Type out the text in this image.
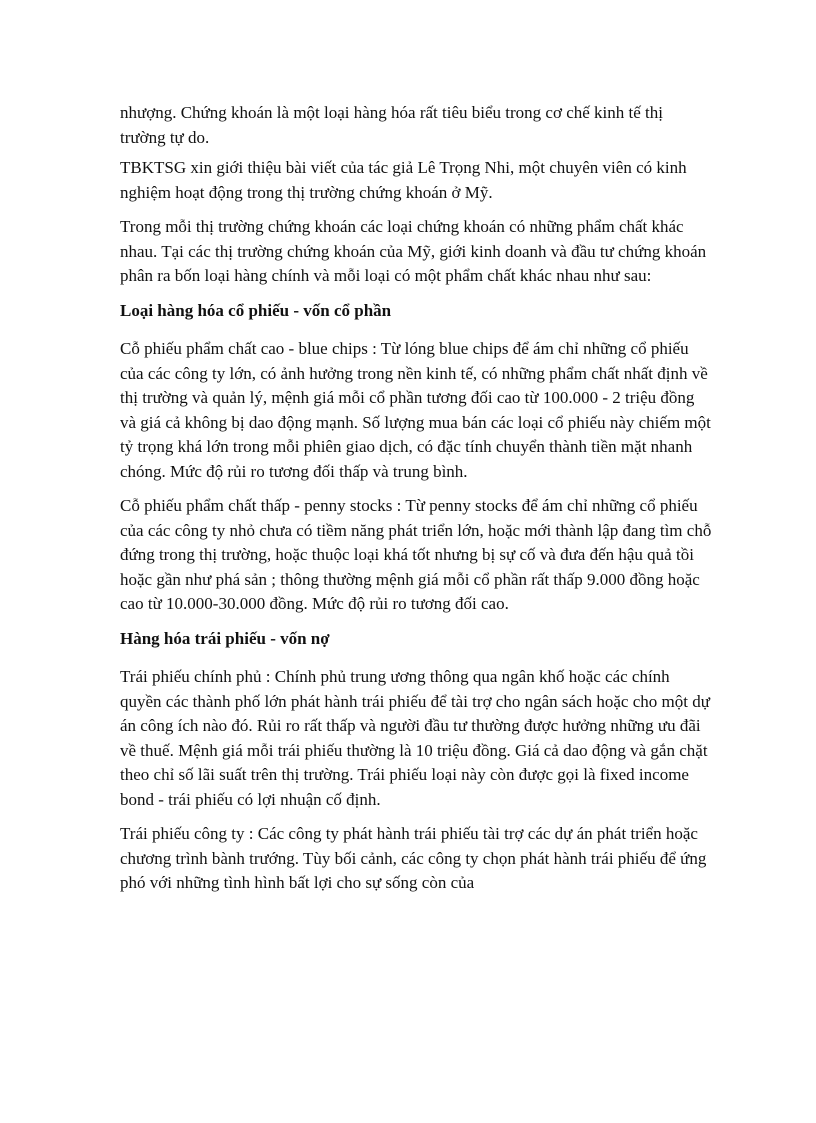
nhượng. Chứng khoán là một loại hàng hóa rất tiêu biểu trong cơ chế kinh tế thị trường tự do.

TBKTSG xin giới thiệu bài viết của tác giả Lê Trọng Nhi, một chuyên viên có kinh nghiệm hoạt động trong thị trường chứng khoán ở Mỹ.

Trong mỗi thị trường chứng khoán các loại chứng khoán có những phẩm chất khác nhau. Tại các thị trường chứng khoán của Mỹ, giới kinh doanh và đầu tư chứng khoán phân ra bốn loại hàng chính và mỗi loại có một phẩm chất khác nhau như sau:

Loại hàng hóa cổ phiếu - vốn cổ phần

Cỗ phiếu phẩm chất cao - blue chips : Từ lóng blue chips để ám chỉ những cổ phiếu của các công ty lớn, có ảnh hưởng trong nền kinh tế, có những phẩm chất nhất định về thị trường và quản lý, mệnh giá mỗi cổ phần tương đối cao từ 100.000 - 2 triệu đồng và giá cả không bị dao động mạnh. Số lượng mua bán các loại cổ phiếu này chiếm một tỷ trọng khá lớn trong mỗi phiên giao dịch, có đặc tính chuyển thành tiền mặt nhanh chóng. Mức độ rủi ro tương đối thấp và trung bình.

Cỗ phiếu phẩm chất thấp - penny stocks : Từ penny stocks để ám chỉ những cổ phiếu của các công ty nhỏ chưa có tiềm năng phát triển lớn, hoặc mới thành lập đang tìm chỗ đứng trong thị trường, hoặc thuộc loại khá tốt nhưng bị sự cố và đưa đến hậu quả tồi hoặc gần như phá sản ; thông thường mệnh giá mỗi cổ phần rất thấp 9.000 đồng hoặc cao từ 10.000-30.000 đồng. Mức độ rủi ro tương đối cao.

Hàng hóa trái phiếu - vốn nợ

Trái phiếu chính phủ : Chính phủ trung ương thông qua ngân khố hoặc các chính quyền các thành phố lớn phát hành trái phiếu để tài trợ cho ngân sách hoặc cho một dự án công ích nào đó. Rủi ro rất thấp và người đầu tư thường được hưởng những ưu đãi về thuế. Mệnh giá mỗi trái phiếu thường là 10 triệu đồng. Giá cả dao động và gắn chặt theo chỉ số lãi suất trên thị trường. Trái phiếu loại này còn được gọi là fixed income bond - trái phiếu có lợi nhuận cố định.

Trái phiếu công ty : Các công ty phát hành trái phiếu tài trợ các dự án phát triển hoặc chương trình bành trướng. Tùy bối cảnh, các công ty chọn phát hành trái phiếu để ứng phó với những tình hình bất lợi cho sự sống còn của
